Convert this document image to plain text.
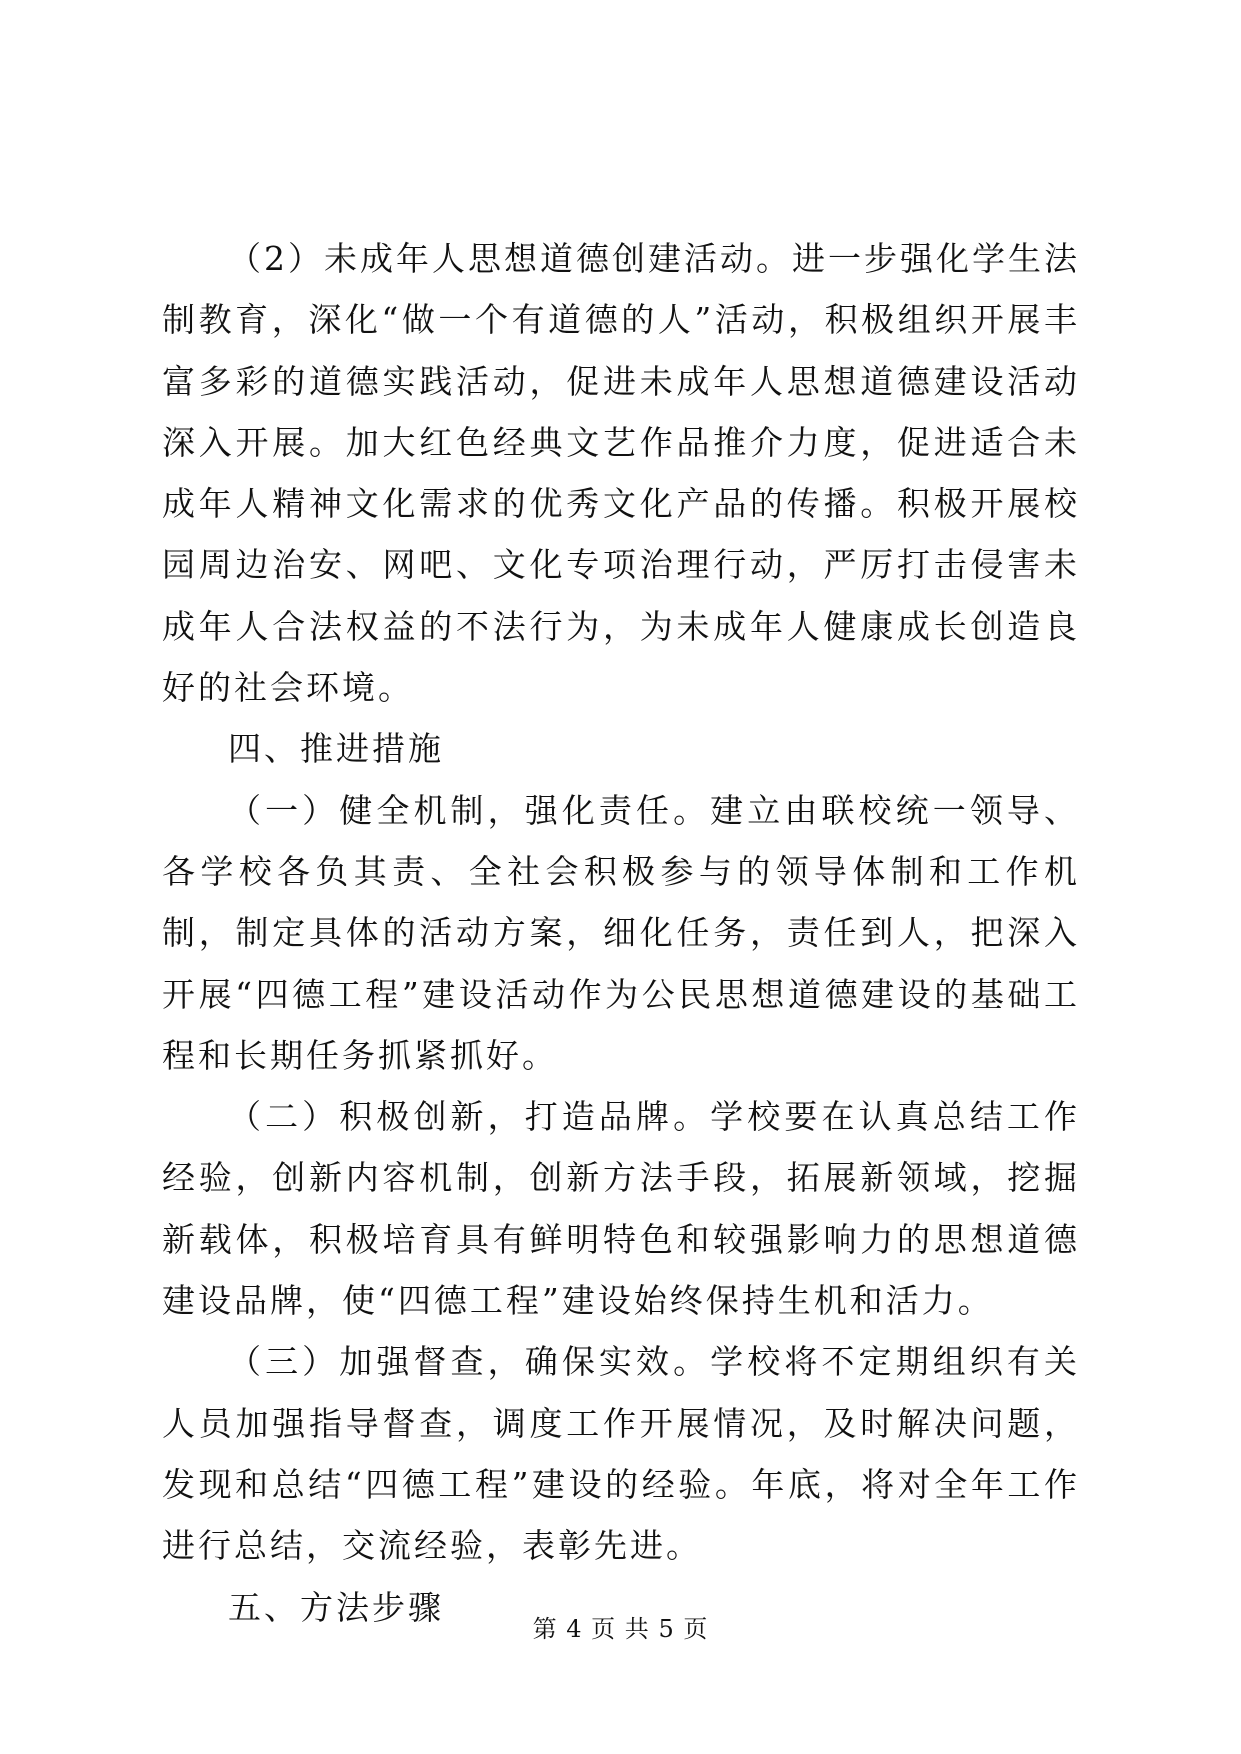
（2）未成年人思想道德创建活动。进一步强化学生法制教育，深化“做一个有道德的人”活动，积极组织开展丰富多彩的道德实践活动，促进未成年人思想道德建设活动深入开展。加大红色经典文艺作品推介力度，促进适合未成年人精神文化需求的优秀文化产品的传播。积极开展校园周边治安、网吧、文化专项治理行动，严厉打击侵害未成年人合法权益的不法行为，为未成年人健康成长创造良好的社会环境。

四、推进措施

（一）健全机制，强化责任。建立由联校统一领导、各学校各负其责、全社会积极参与的领导体制和工作机制，制定具体的活动方案，细化任务，责任到人，把深入开展“四德工程”建设活动作为公民思想道德建设的基础工程和长期任务抓紧抓好。

（二）积极创新，打造品牌。学校要在认真总结工作经验，创新内容机制，创新方法手段，拓展新领域，挖掘新载体，积极培育具有鲜明特色和较强影响力的思想道德建设品牌，使“四德工程”建设始终保持生机和活力。

（三）加强督查，确保实效。学校将不定期组织有关人员加强指导督查，调度工作开展情况，及时解决问题，发现和总结“四德工程”建设的经验。年底，将对全年工作进行总结，交流经验，表彰先进。

五、方法步骤

第 4 页 共 5 页
